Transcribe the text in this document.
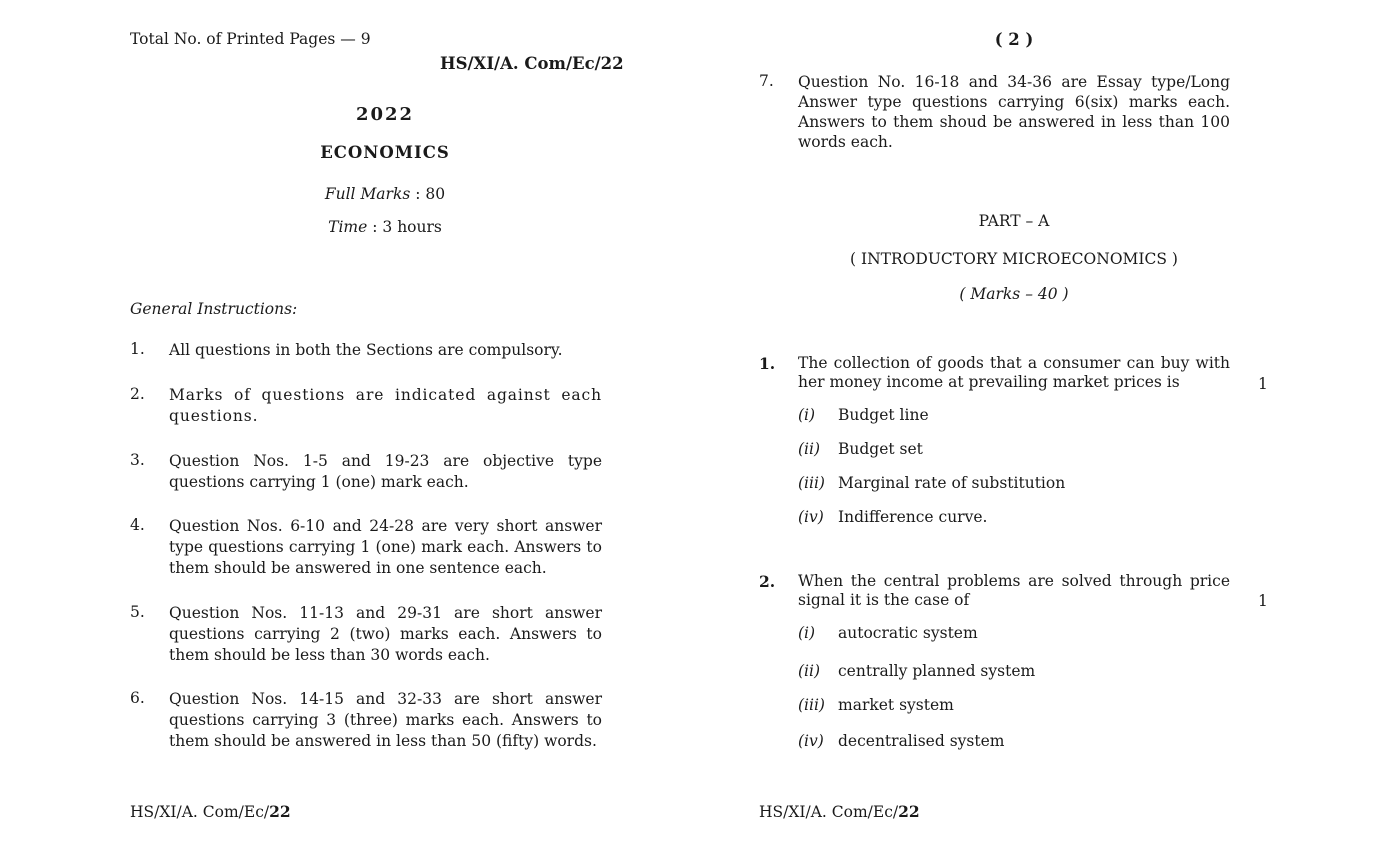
Total No. of Printed Pages — 9
HS/XI/A. Com/Ec/22
2022
ECONOMICS
Full Marks : 80
Time : 3 hours
General Instructions:
1. All questions in both the Sections are compulsory.
2. Marks of questions are indicated against each questions.
3. Question Nos. 1-5 and 19-23 are objective type questions carrying 1 (one) mark each.
4. Question Nos. 6-10 and 24-28 are very short answer type questions carrying 1 (one) mark each. Answers to them should be answered in one sentence each.
5. Question Nos. 11-13 and 29-31 are short answer questions carrying 2 (two) marks each. Answers to them should be less than 30 words each.
6. Question Nos. 14-15 and 32-33 are short answer questions carrying 3 (three) marks each. Answers to them should be answered in less than 50 (fifty) words.
HS/XI/A. Com/Ec/22
( 2 )
7. Question No. 16-18 and 34-36 are Essay type/Long Answer type questions carrying 6(six) marks each. Answers to them shoud be answered in less than 100 words each.
PART – A
( INTRODUCTORY MICROECONOMICS )
( Marks – 40 )
1. The collection of goods that a consumer can buy with her money income at prevailing market prices is	1
(i) Budget line
(ii) Budget set
(iii) Marginal rate of substitution
(iv) Indifference curve.
2. When the central problems are solved through price signal it is the case of	1
(i) autocratic system
(ii) centrally planned system
(iii) market system
(iv) decentralised system
HS/XI/A. Com/Ec/22
